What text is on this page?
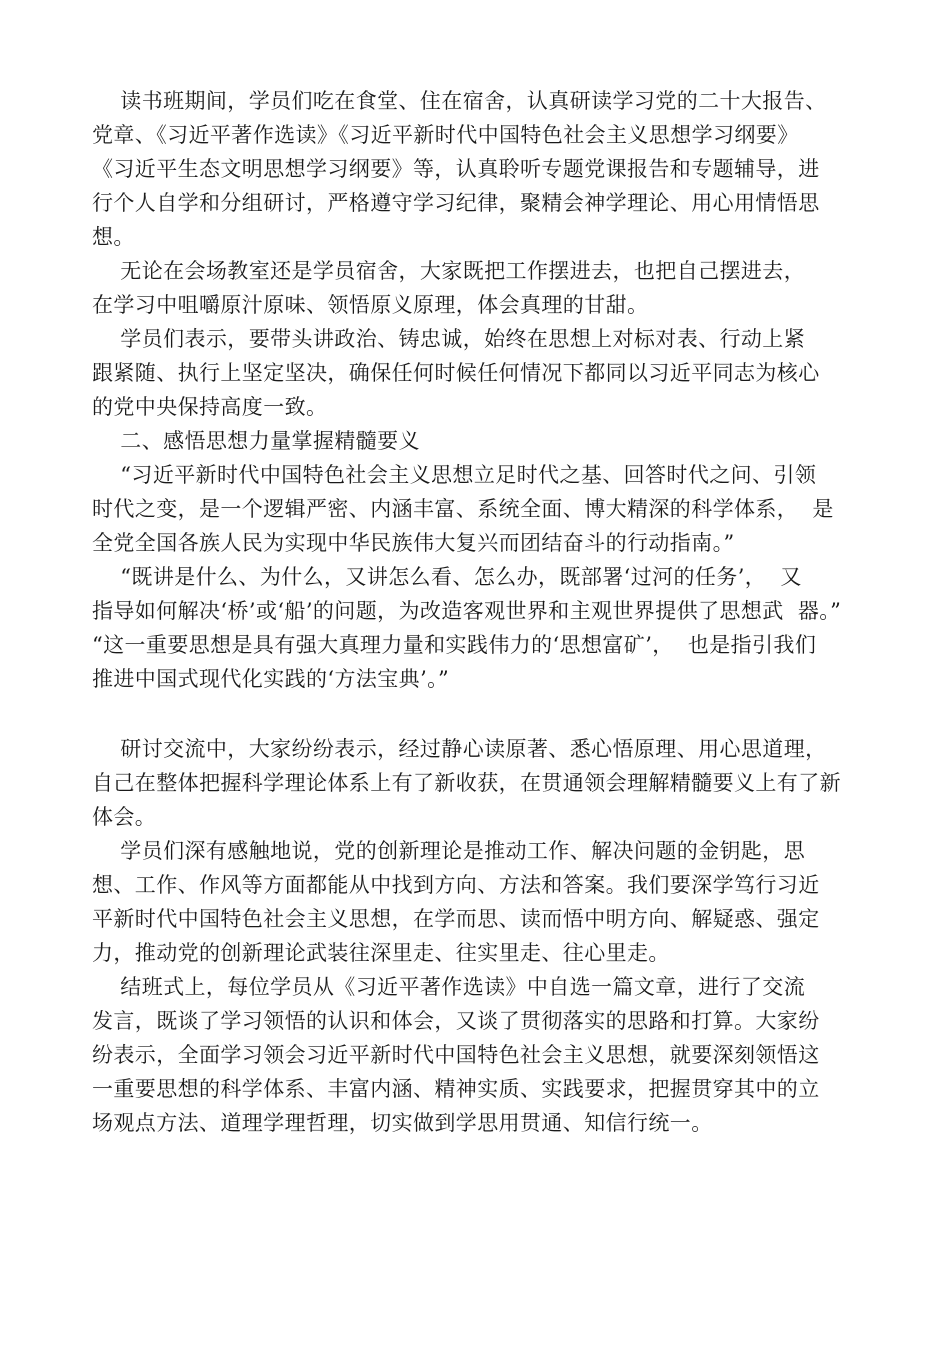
读书班期间，学员们吃在食堂、住在宿舍，认真研读学习党的二十大报告、
党章、《习近平著作选读》《习近平新时代中国特色社会主义思想学习纲要》
《习近平生态文明思想学习纲要》等，认真聆听专题党课报告和专题辅导，进
行个人自学和分组研讨，严格遵守学习纪律，聚精会神学理论、用心用情悟思
想。
无论在会场教室还是学员宿舍，大家既把工作摆进去，也把自己摆进去，
在学习中咀嚼原汁原味、领悟原义原理，体会真理的甘甜。
学员们表示，要带头讲政治、铸忠诚，始终在思想上对标对表、行动上紧
跟紧随、执行上坚定坚决，确保任何时候任何情况下都同以习近平同志为核心
的党中央保持高度一致。
二、感悟思想力量掌握精髓要义
“习近平新时代中国特色社会主义思想立足时代之基、回答时代之问、引领
时代之变，是一个逻辑严密、内涵丰富、系统全面、博大精深的科学体系，  是
全党全国各族人民为实现中华民族伟大复兴而团结奋斗的行动指南。”
“既讲是什么、为什么，又讲怎么看、怎么办，既部署‘过河的任务’，  又
指导如何解决‘桥’或‘船’的问题，为改造客观世界和主观世界提供了思想武  器。”
“这一重要思想是具有强大真理力量和实践伟力的‘思想富矿’，  也是指引我们
推进中国式现代化实践的‘方法宝典’。”
研讨交流中，大家纷纷表示，经过静心读原著、悉心悟原理、用心思道理，
自己在整体把握科学理论体系上有了新收获，在贯通领会理解精髓要义上有了新
体会。
学员们深有感触地说，党的创新理论是推动工作、解决问题的金钥匙，思
想、工作、作风等方面都能从中找到方向、方法和答案。我们要深学笃行习近
平新时代中国特色社会主义思想，在学而思、读而悟中明方向、解疑惑、强定
力，推动党的创新理论武装往深里走、往实里走、往心里走。
结班式上，每位学员从《习近平著作选读》中自选一篇文章，进行了交流
发言，既谈了学习领悟的认识和体会，又谈了贯彻落实的思路和打算。大家纷
纷表示，全面学习领会习近平新时代中国特色社会主义思想，就要深刻领悟这
一重要思想的科学体系、丰富内涵、精神实质、实践要求，把握贯穿其中的立
场观点方法、道理学理哲理，切实做到学思用贯通、知信行统一。
